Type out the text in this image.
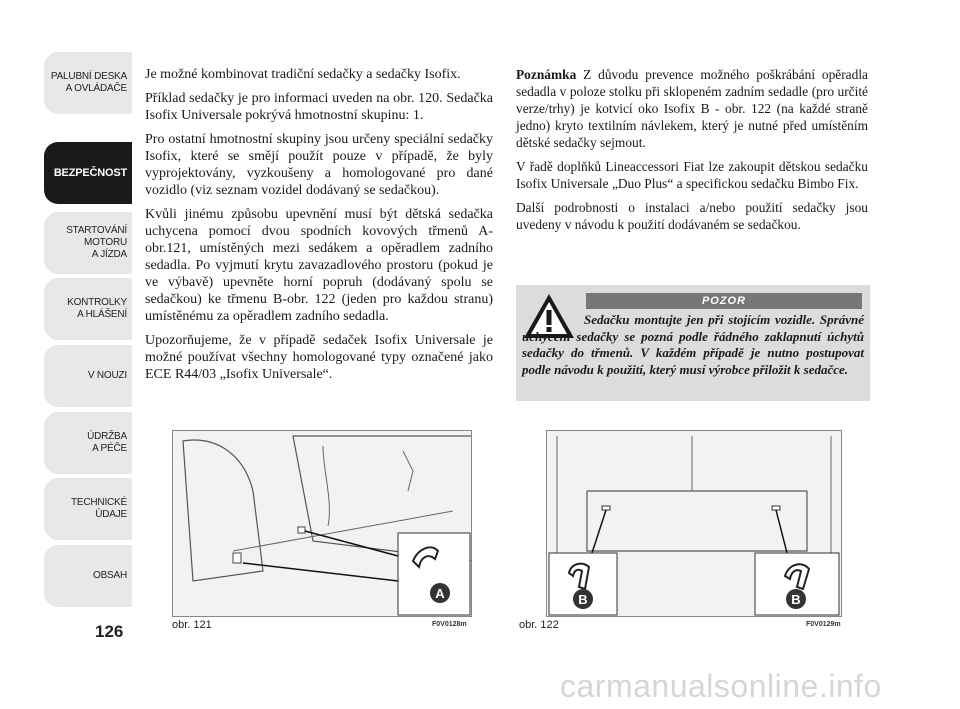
PALUBNÍ DESKA
A OVLÁDAČE
BEZPEČNOST
STARTOVÁNÍ
MOTORU
A JÍZDA
KONTROLKY
A HLÁŠENÍ
V NOUZI
ÚDRŽBA
A PÉČE
TECHNICKÉ
ÚDAJE
OBSAH
126

Je možné kombinovat tradiční sedačky a sedačky Isofix.

Příklad sedačky je pro informaci uveden na obr. 120. Sedačka Isofix Universale pokrývá hmotnostní skupinu: 1.

Pro ostatní hmotnostní skupiny jsou určeny speciální sedačky Isofix, které se smějí použít pouze v případě, že byly vyprojektovány, vyzkoušeny a homologované pro dané vozidlo (viz seznam vozidel dodávaný se sedačkou).

Kvůli jinému způsobu upevnění musí být dětská sedačka uchycena pomocí dvou spodních kovových třmenů A-obr.121, umístěných mezi sedákem a opěradlem zadního sedadla. Po vyjmutí krytu zavazadlového prostoru (pokud je ve výbavě) upevněte horní popruh (dodávaný spolu se sedačkou) ke třmenu B-obr. 122 (jeden pro každou stranu) umístěnému za opěradlem zadního sedadla.

Upozorňujeme, že v případě sedaček Isofix Universale je možné používat všechny homologované typy označené jako ECE R44/03 „Isofix Universale“.

Poznámka Z důvodu prevence možného poškrábání opěradla sedadla v poloze stolku při sklopeném zadním sedadle (pro určité verze/trhy) je kotvicí oko Isofix B - obr. 122 (na každé straně jedno) kryto textilním návlekem, který je nutné před umístěním dětské sedačky sejmout.

V řadě doplňků Lineaccessori Fiat lze zakoupit dětskou sedačku Isofix Universale „Duo Plus“ a specifickou sedačku Bimbo Fix.

Další podrobnosti o instalaci a/nebo použití sedačky jsou uvedeny v návodu k použití dodávaném se sedačkou.

POZOR
Sedačku montujte jen při stojícím vozidle. Správné uchycení sedačky se pozná podle řádného zaklapnutí úchytů sedačky do třmenů. V každém případě je nutno postupovat podle návodu k použití, který musí výrobce přiložit k sedačce.
A
obr. 121	F0V0128m
B	B
obr. 122	F0V0129m
carmanualsonline.info
